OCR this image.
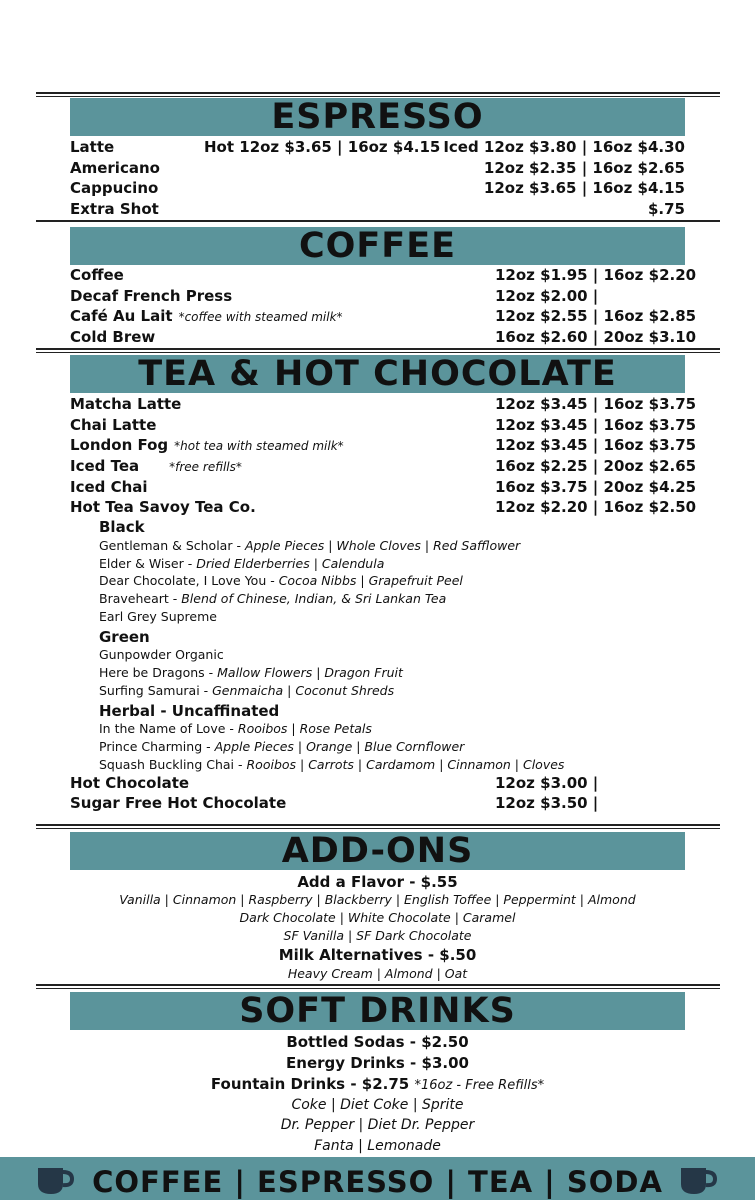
ESPRESSO
Latte	Hot 12oz $3.65 | 16oz $4.15 Iced 12oz $3.80 | 16oz $4.30
Americano	12oz $2.35 | 16oz $2.65
Cappucino	12oz $3.65 | 16oz $4.15
Extra Shot	$.75
COFFEE
Coffee	12oz $1.95 | 16oz $2.20
Decaf French Press	12oz $2.00 |
Café Au Lait *coffee with steamed milk*	12oz $2.55 | 16oz $2.85
Cold Brew	16oz $2.60 | 20oz $3.10
TEA & HOT CHOCOLATE
Matcha Latte	12oz $3.45 | 16oz $3.75
Chai Latte	12oz $3.45 | 16oz $3.75
London Fog *hot tea with steamed milk*	12oz $3.45 | 16oz $3.75
Iced Tea	*free refills*	16oz $2.25 | 20oz $2.65
Iced Chai	16oz $3.75 | 20oz $4.25
Hot Tea Savoy Tea Co.	12oz $2.20 | 16oz $2.50
Black
Gentleman & Scholar - Apple Pieces | Whole Cloves | Red Safflower
Elder & Wiser - Dried Elderberries | Calendula
Dear Chocolate, I Love You - Cocoa Nibbs | Grapefruit Peel
Braveheart - Blend of Chinese, Indian, & Sri Lankan Tea
Earl Grey Supreme
Green
Gunpowder Organic
Here be Dragons - Mallow Flowers | Dragon Fruit
Surfing Samurai - Genmaicha | Coconut Shreds
Herbal - Uncaffinated
In the Name of Love - Rooibos | Rose Petals
Prince Charming - Apple Pieces | Orange | Blue Cornflower
Squash Buckling Chai - Rooibos | Carrots | Cardamom | Cinnamon | Cloves
Hot Chocolate	12oz $3.00 |
Sugar Free Hot Chocolate	12oz $3.50 |
ADD-ONS
Add a Flavor - $.55
Vanilla | Cinnamon | Raspberry | Blackberry | English Toffee | Peppermint | Almond
Dark Chocolate | White Chocolate | Caramel
SF Vanilla | SF Dark Chocolate
Milk Alternatives - $.50
Heavy Cream | Almond | Oat
SOFT DRINKS
Bottled Sodas - $2.50
Energy Drinks - $3.00
Fountain Drinks - $2.75 *16oz - Free Refills*
Coke | Diet Coke | Sprite
Dr. Pepper | Diet Dr. Pepper
Fanta | Lemonade
COFFEE | ESPRESSO | TEA | SODA
